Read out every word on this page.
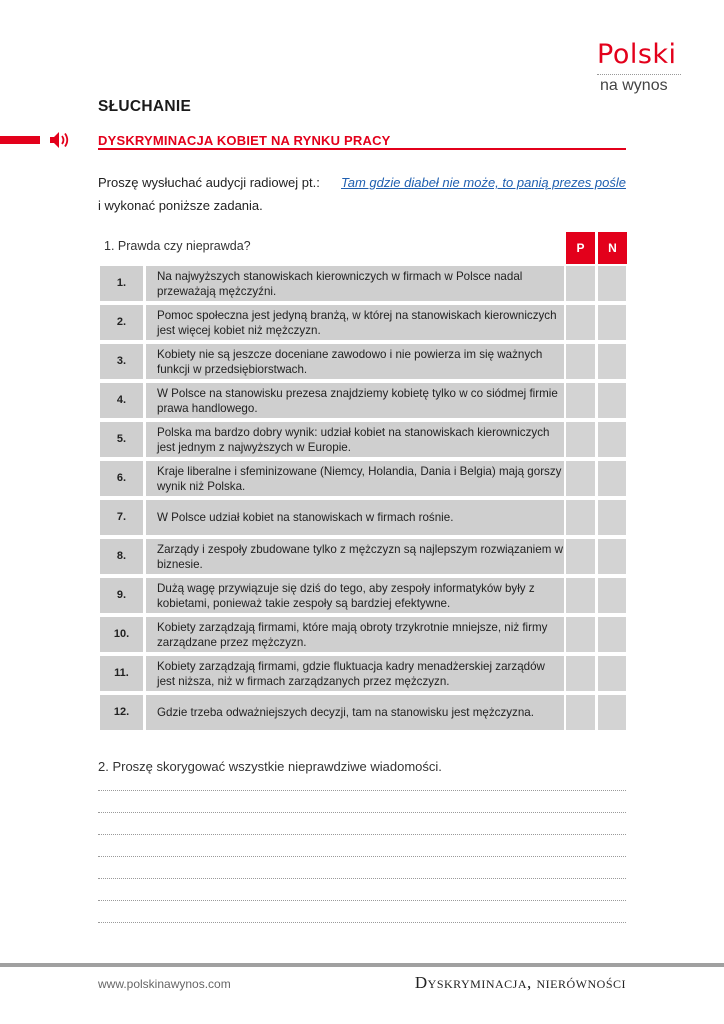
Polski
na wynos
SŁUCHANIE
DYSKRYMINACJA KOBIET NA RYNKU PRACY
Proszę wysłuchać audycji radiowej pt.: Tam gdzie diabeł nie może, to panią prezes pośle
i wykonać poniższe zadania.
1. Prawda czy nieprawda?	P	N
1.
Na najwyższych stanowiskach kierowniczych w firmach w Polsce nadal przeważają mężczyźni.
2.
Pomoc społeczna jest jedyną branżą, w której na stanowiskach kierowniczych jest więcej kobiet niż mężczyzn.
3.
Kobiety nie są jeszcze doceniane zawodowo i nie powierza im się ważnych funkcji w przedsiębiorstwach.
4.
W Polsce na stanowisku prezesa znajdziemy kobietę tylko w co siódmej firmie prawa handlowego.
5.
Polska ma bardzo dobry wynik: udział kobiet na stanowiskach kierowniczych jest jednym z najwyższych w Europie.
6.
Kraje liberalne i sfeminizowane (Niemcy, Holandia, Dania i Belgia) mają gorszy wynik niż Polska.
7.	W Polsce udział kobiet na stanowiskach w firmach rośnie.
8.
Zarządy i zespoły zbudowane tylko z mężczyzn są najlepszym rozwiązaniem w biznesie.
9.
Dużą wagę przywiązuje się dziś do tego, aby zespoły informatyków były z kobietami, ponieważ takie zespoły są bardziej efektywne.
10.
Kobiety zarządzają firmami, które mają obroty trzykrotnie mniejsze, niż firmy zarządzane przez mężczyzn.
11.
Kobiety zarządzają firmami, gdzie fluktuacja kadry menadżerskiej zarządów jest niższa, niż w firmach zarządzanych przez mężczyzn.
12.	Gdzie trzeba odważniejszych decyzji, tam na stanowisku jest mężczyzna.
2. Proszę skorygować wszystkie nieprawdziwe wiadomości.
www.polskinawynos.com	Dyskryminacja, nierówności
